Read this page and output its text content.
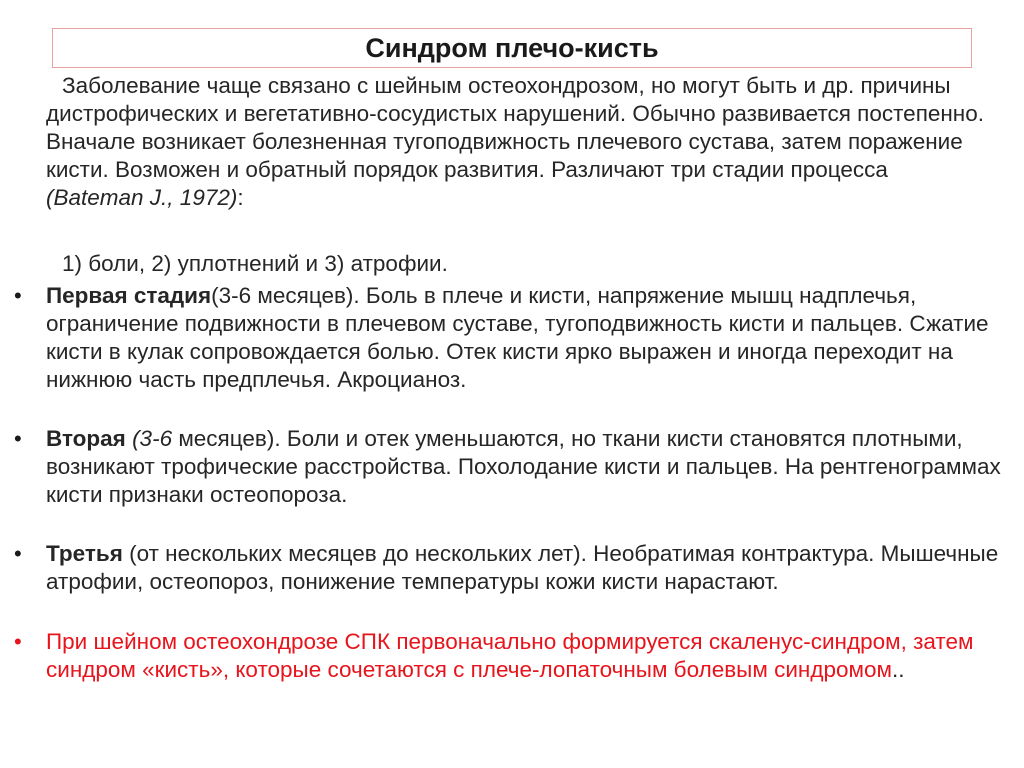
Синдром плечо-кисть

Заболевание чаще связано с шейным остеохондрозом, но могут быть и др. причины дистрофических и вегетативно-сосудистых нарушений. Обычно развивается постепенно. Вначале возникает болезненная тугоподвижность плечевого сустава, затем поражение кисти. Возможен и обратный порядок развития. Различают три стадии процесса
(Bateman J., 1972):

1) боли, 2) уплотнений и 3) атрофии.

• Первая стадия(3-6 месяцев). Боль в плече и кисти, напряжение мышц надплечья, ограничение подвижности в плечевом суставе, тугоподвижность кисти и пальцев. Сжатие кисти в кулак сопровождается болью. Отек кисти ярко выражен и иногда переходит на нижнюю часть предплечья. Акроцианоз.

• Вторая (3-6 месяцев). Боли и отек уменьшаются, но ткани кисти становятся плотными, возникают трофические расстройства. Похолодание кисти и пальцев. На рентгенограммах кисти признаки остеопороза.

• Третья (от нескольких месяцев до нескольких лет). Необратимая контрактура. Мышечные атрофии, остеопороз, понижение температуры кожи кисти нарастают.

• При шейном остеохондрозе СПК первоначально формируется скаленус-синдром, затем синдром «кисть», которые сочетаются с плече-лопаточным болевым синдромом..
